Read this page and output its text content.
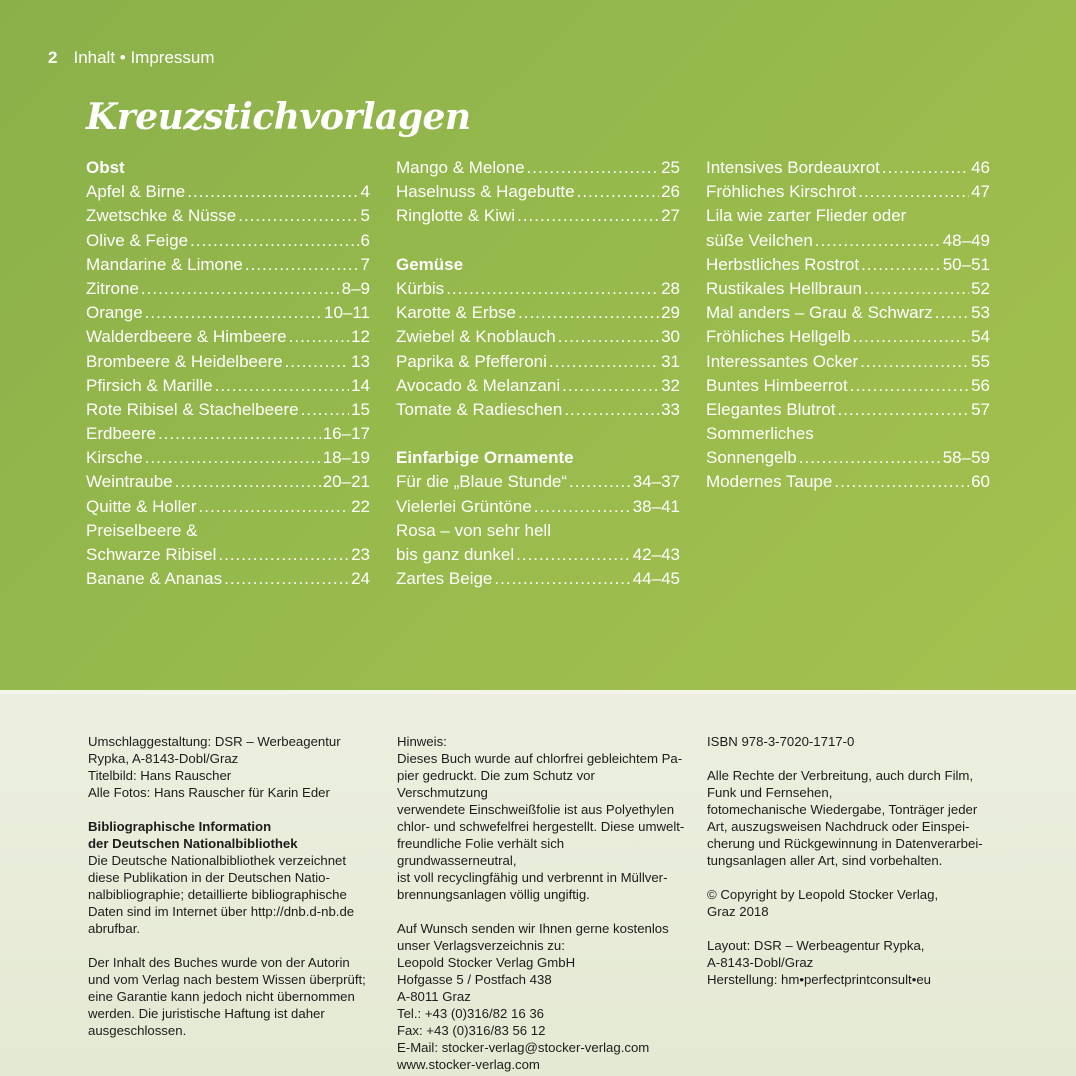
2 Inhalt • Impressum
Kreuzstichvorlagen
Obst
Apfel & Birne .....	4
Zwetschke & Nüsse .....	5
Olive & Feige .....	6
Mandarine & Limone .....	7
Zitrone .....	8–9
Orange .....	10–11
Walderdbeere & Himbeere .....	12
Brombeere & Heidelbeere .....	13
Pfirsich & Marille .....	14
Rote Ribisel & Stachelbeere .....	15
Erdbeere .....	16–17
Kirsche .....	18–19
Weintraube .....	20–21
Quitte & Holler .....	22
Preiselbeere &
Schwarze Ribisel .....	23
Banane & Ananas .....	24
Mango & Melone .....	25
Haselnuss & Hagebutte .....	26
Ringlotte & Kiwi .....	27
Gemüse
Kürbis .....	28
Karotte & Erbse .....	29
Zwiebel & Knoblauch .....	30
Paprika & Pfefferoni .....	31
Avocado & Melanzani .....	32
Tomate & Radieschen .....	33
Einfarbige Ornamente
Für die „Blaue Stunde“ .....	34–37
Vielerlei Grüntöne .....	38–41
Rosa – von sehr hell
bis ganz dunkel .....	42–43
Zartes Beige .....	44–45
Intensives Bordeauxrot .....	46
Fröhliches Kirschrot .....	47
Lila wie zarter Flieder oder
süße Veilchen .....	48–49
Herbstliches Rostrot .....	50–51
Rustikales Hellbraun .....	52
Mal anders – Grau & Schwarz ..... 53
Fröhliches Hellgelb .....	54
Interessantes Ocker .....	55
Buntes Himbeerrot .....	56
Elegantes Blutrot .....	57
Sommerliches
Sonnengelb .....	58–59
Modernes Taupe .....	60

Umschlaggestaltung: DSR – Werbeagentur

Rypka, A-8143-Dobl/Graz

Titelbild: Hans Rauscher

Alle Fotos: Hans Rauscher für Karin Eder

Bibliographische Information

der Deutschen Nationalbibliothek

Die Deutsche Nationalbibliothek verzeichnet

diese Publikation in der Deutschen Natio-

nalbibliographie; detaillierte bibliographische

Daten sind im Internet über http://dnb.d-nb.de

abrufbar.

Der Inhalt des Buches wurde von der Autorin

und vom Verlag nach bestem Wissen überprüft;

eine Garantie kann jedoch nicht übernommen

werden. Die juristische Haftung ist daher

ausgeschlossen.

Hinweis:

Dieses Buch wurde auf chlorfrei gebleichtem Pa-

pier gedruckt. Die zum Schutz vor Verschmutzung

verwendete Einschweißfolie ist aus Polyethylen

chlor- und schwefelfrei hergestellt. Diese umwelt-

freundliche Folie verhält sich grundwasserneutral,

ist voll recyclingfähig und verbrennt in Müllver-

brennungsanlagen völlig ungiftig.

Auf Wunsch senden wir Ihnen gerne kostenlos

unser Verlagsverzeichnis zu:

Leopold Stocker Verlag GmbH

Hofgasse 5 / Postfach 438

A-8011 Graz

Tel.: +43 (0)316/82 16 36

Fax: +43 (0)316/83 56 12

E-Mail: stocker-verlag@stocker-verlag.com

www.stocker-verlag.com

ISBN 978-3-7020-1717-0

Alle Rechte der Verbreitung, auch durch Film,

Funk und Fernsehen,

fotomechanische Wiedergabe, Tonträger jeder

Art, auszugsweisen Nachdruck oder Einspei-

cherung und Rückgewinnung in Datenverarbei-

tungsanlagen aller Art, sind vorbehalten.

© Copyright by Leopold Stocker Verlag,

Graz 2018

Layout: DSR – Werbeagentur Rypka,

A-8143-Dobl/Graz

Herstellung: hm•perfectprintconsult•eu
